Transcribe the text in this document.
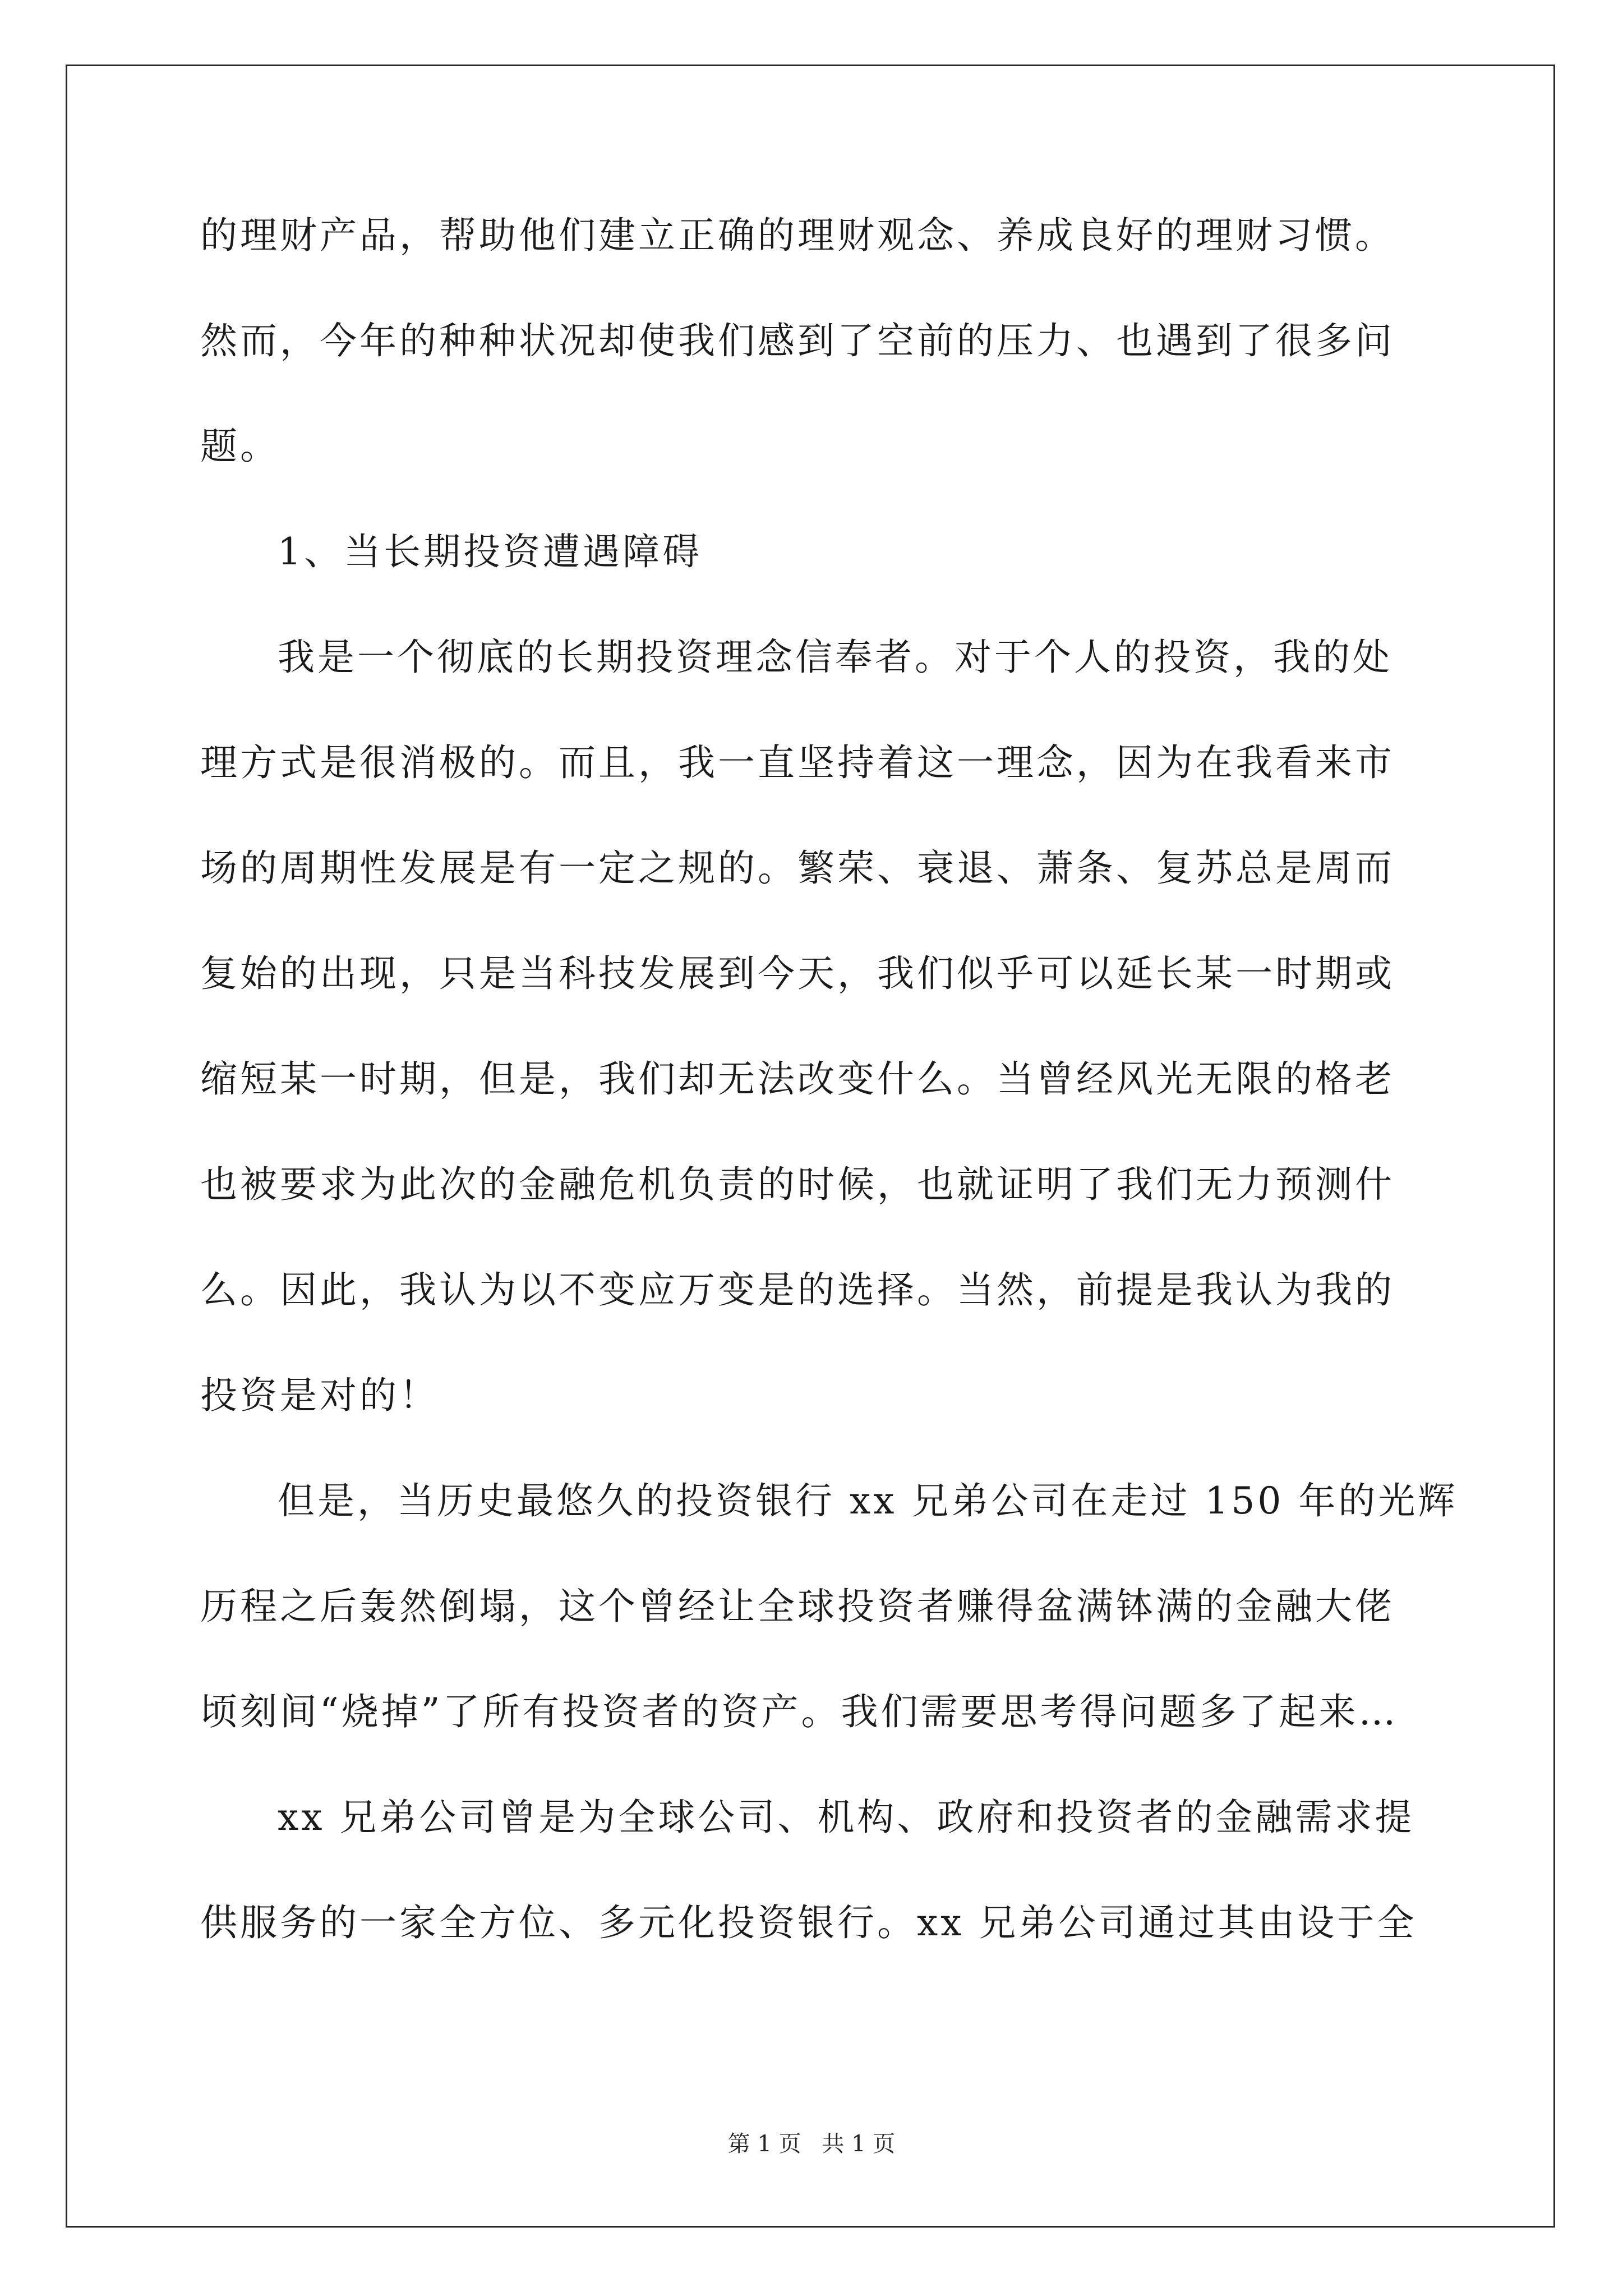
的理财产品，帮助他们建立正确的理财观念、养成良好的理财习惯。
然而，今年的种种状况却使我们感到了空前的压力、也遇到了很多问
题。
1、当长期投资遭遇障碍
我是一个彻底的长期投资理念信奉者。对于个人的投资，我的处
理方式是很消极的。而且，我一直坚持着这一理念，因为在我看来市
场的周期性发展是有一定之规的。繁荣、衰退、萧条、复苏总是周而
复始的出现，只是当科技发展到今天，我们似乎可以延长某一时期或
缩短某一时期，但是，我们却无法改变什么。当曾经风光无限的格老
也被要求为此次的金融危机负责的时候，也就证明了我们无力预测什
么。因此，我认为以不变应万变是的选择。当然，前提是我认为我的
投资是对的！
但是，当历史最悠久的投资银行 xx 兄弟公司在走过 150 年的光辉
历程之后轰然倒塌，这个曾经让全球投资者赚得盆满钵满的金融大佬
顷刻间“烧掉”了所有投资者的资产。我们需要思考得问题多了起来…
xx 兄弟公司曾是为全球公司、机构、政府和投资者的金融需求提
供服务的一家全方位、多元化投资银行。xx 兄弟公司通过其由设于全
第 1 页 共 1 页
